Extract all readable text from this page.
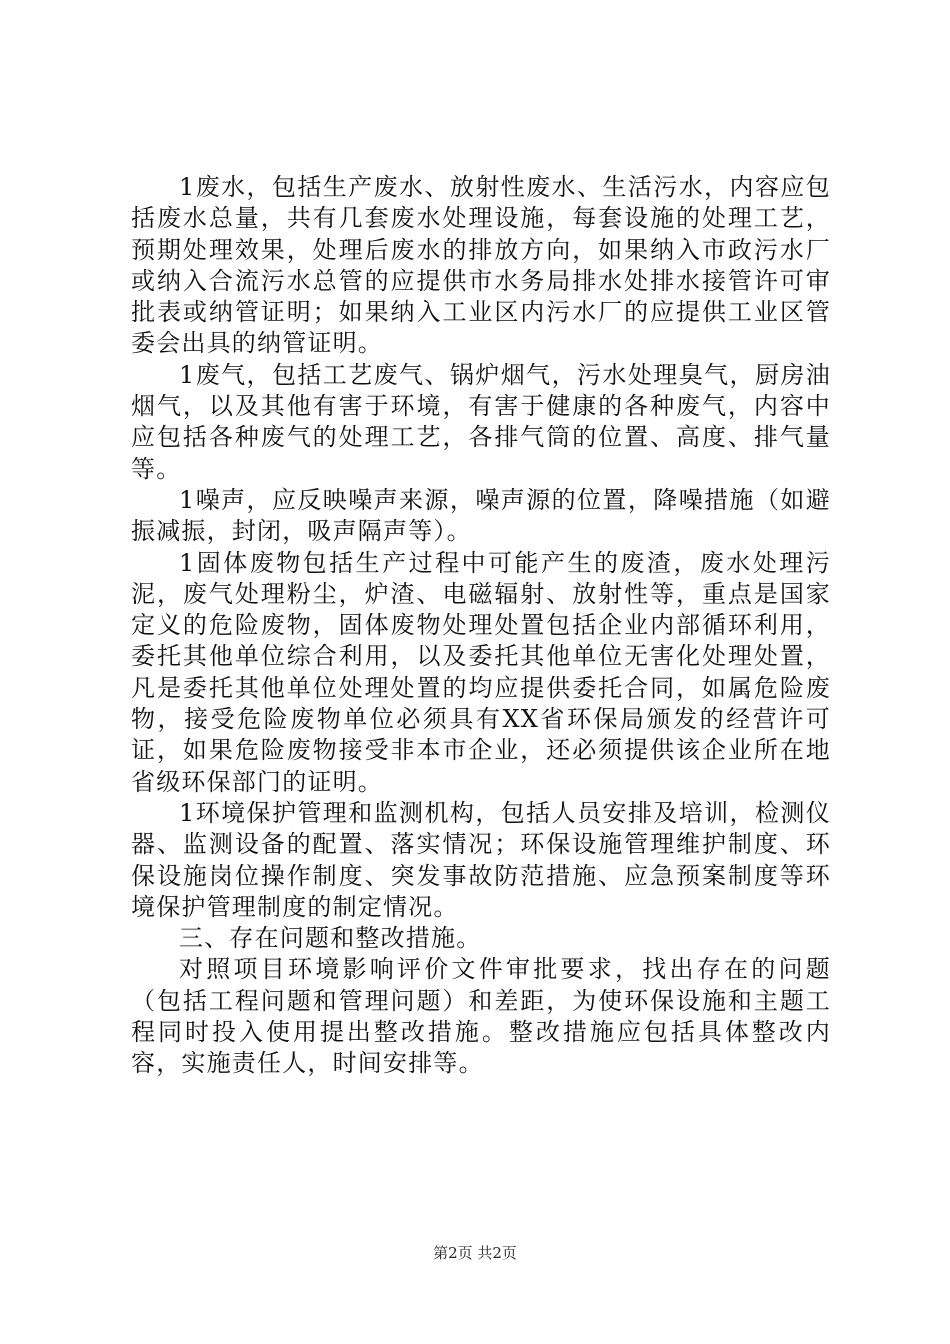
1废水，包括生产废水、放射性废水、生活污水，内容应包括废水总量，共有几套废水处理设施，每套设施的处理工艺，预期处理效果，处理后废水的排放方向，如果纳入市政污水厂或纳入合流污水总管的应提供市水务局排水处排水接管许可审批表或纳管证明；如果纳入工业区内污水厂的应提供工业区管委会出具的纳管证明。

1废气，包括工艺废气、锅炉烟气，污水处理臭气，厨房油烟气，以及其他有害于环境，有害于健康的各种废气，内容中应包括各种废气的处理工艺，各排气筒的位置、高度、排气量等。

1噪声，应反映噪声来源，噪声源的位置，降噪措施（如避振减振，封闭，吸声隔声等）。

1固体废物包括生产过程中可能产生的废渣，废水处理污泥，废气处理粉尘，炉渣、电磁辐射、放射性等，重点是国家定义的危险废物，固体废物处理处置包括企业内部循环利用，委托其他单位综合利用，以及委托其他单位无害化处理处置，凡是委托其他单位处理处置的均应提供委托合同，如属危险废物，接受危险废物单位必须具有XX省环保局颁发的经营许可证，如果危险废物接受非本市企业，还必须提供该企业所在地省级环保部门的证明。

1环境保护管理和监测机构，包括人员安排及培训，检测仪器、监测设备的配置、落实情况；环保设施管理维护制度、环保设施岗位操作制度、突发事故防范措施、应急预案制度等环境保护管理制度的制定情况。

三、存在问题和整改措施。

对照项目环境影响评价文件审批要求，找出存在的问题（包括工程问题和管理问题）和差距，为使环保设施和主题工程同时投入使用提出整改措施。整改措施应包括具体整改内容，实施责任人，时间安排等。

第2页 共2页
